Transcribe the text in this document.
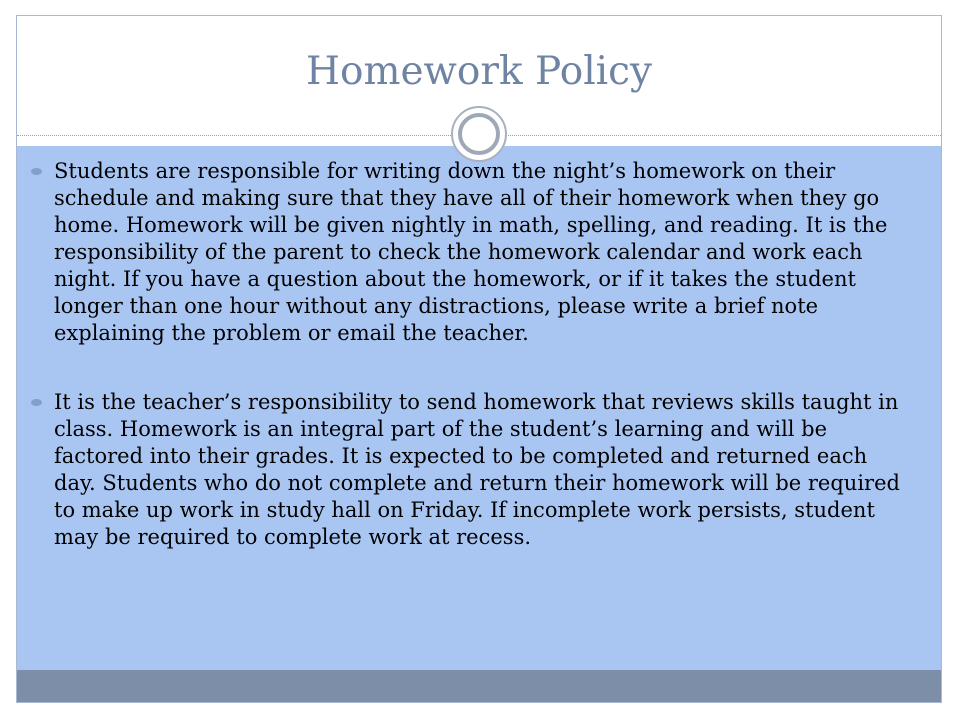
Homework Policy
Students are responsible for writing down the night’s homework on their schedule and making sure that they have all of their homework when they go home. Homework will be given nightly in math, spelling, and reading. It is the responsibility of the parent to check the homework calendar and work each night. If you have a question about the homework, or if it takes the student longer than one hour without any distractions, please write a brief note explaining the problem or email the teacher.
It is the teacher’s responsibility to send homework that reviews skills taught in class. Homework is an integral part of the student’s learning and will be factored into their grades. It is expected to be completed and returned each day. Students who do not complete and return their homework will be required to make up work in study hall on Friday. If incomplete work persists, student may be required to complete work at recess.
